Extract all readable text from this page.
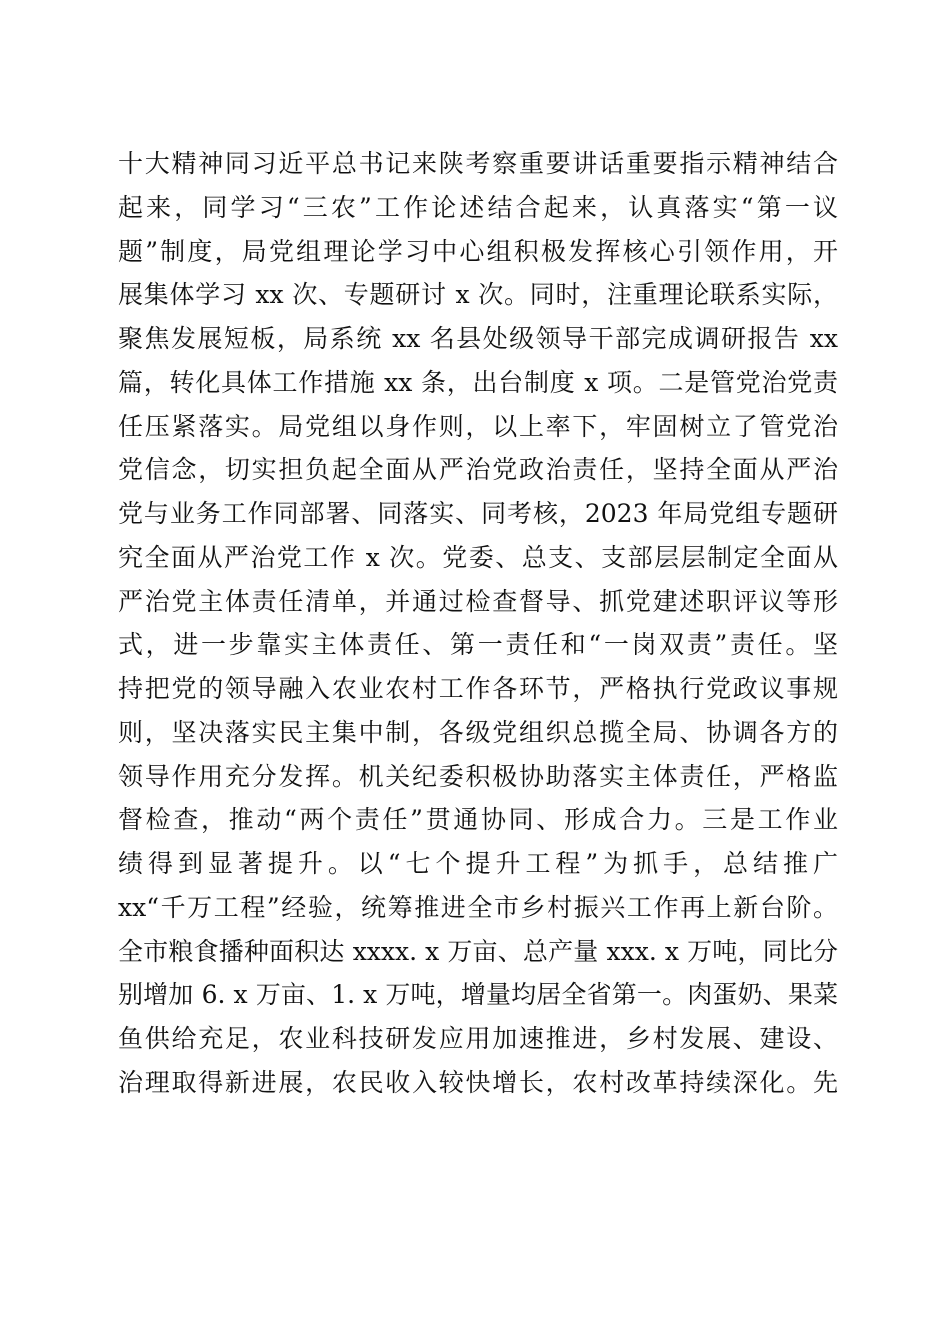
十大精神同习近平总书记来陕考察重要讲话重要指示精神结合
起来，同学习“三农”工作论述结合起来，认真落实“第一议
题”制度，局党组理论学习中心组积极发挥核心引领作用，开
展集体学习 xx 次、专题研讨 x 次。同时，注重理论联系实际，
聚焦发展短板，局系统 xx 名县处级领导干部完成调研报告 xx
篇，转化具体工作措施 xx 条，出台制度 x 项。二是管党治党责
任压紧落实。局党组以身作则，以上率下，牢固树立了管党治
党信念，切实担负起全面从严治党政治责任，坚持全面从严治
党与业务工作同部署、同落实、同考核，2023 年局党组专题研
究全面从严治党工作 x 次。党委、总支、支部层层制定全面从
严治党主体责任清单，并通过检查督导、抓党建述职评议等形
式，进一步靠实主体责任、第一责任和“一岗双责”责任。坚
持把党的领导融入农业农村工作各环节，严格执行党政议事规
则，坚决落实民主集中制，各级党组织总揽全局、协调各方的
领导作用充分发挥。机关纪委积极协助落实主体责任，严格监
督检查，推动“两个责任”贯通协同、形成合力。三是工作业
绩得到显著提升。以“七个提升工程”为抓手，总结推广
xx“千万工程”经验，统筹推进全市乡村振兴工作再上新台阶。
全市粮食播种面积达 xxxx. x 万亩、总产量 xxx. x 万吨，同比分
别增加 6. x 万亩、1. x 万吨，增量均居全省第一。肉蛋奶、果菜
鱼供给充足，农业科技研发应用加速推进，乡村发展、建设、
治理取得新进展，农民收入较快增长，农村改革持续深化。先
